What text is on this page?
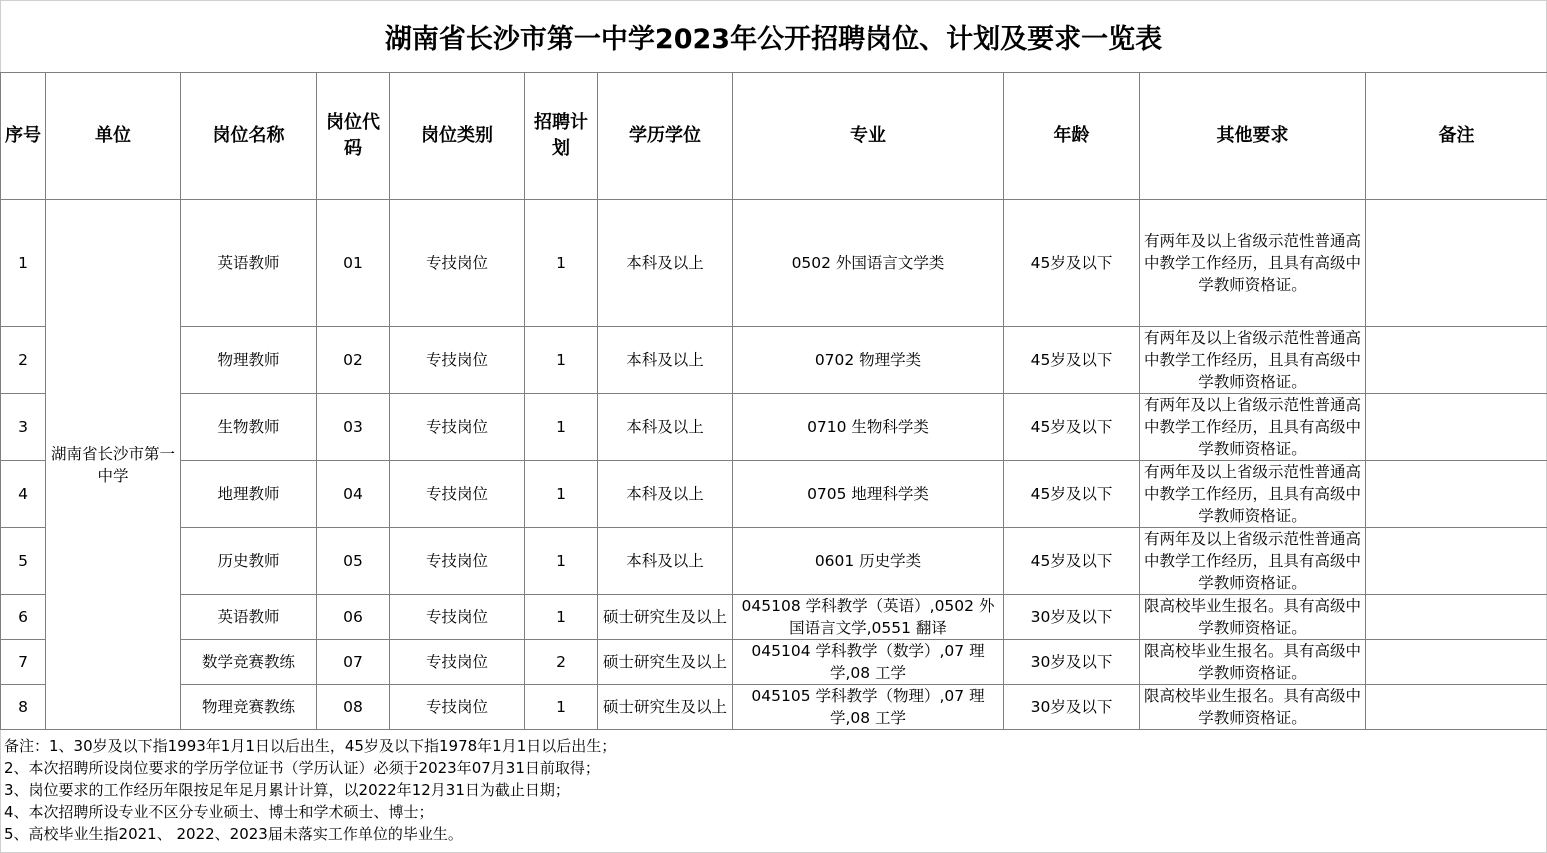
湖南省长沙市第一中学2023年公开招聘岗位、计划及要求一览表
序号	单位	岗位名称	岗位代码	岗位类别	招聘计划	学历学位	专业	年龄	其他要求	备注
1	湖南省长沙市第一中学	英语教师	01	专技岗位	1	本科及以上	0502 外国语言文学类	45岁及以下	有两年及以上省级示范性普通高中教学工作经历，且具有高级中学教师资格证。	
2		物理教师	02	专技岗位	1	本科及以上	0702 物理学类	45岁及以下	有两年及以上省级示范性普通高中教学工作经历，且具有高级中学教师资格证。	
3		生物教师	03	专技岗位	1	本科及以上	0710 生物科学类	45岁及以下	有两年及以上省级示范性普通高中教学工作经历，且具有高级中学教师资格证。	
4		地理教师	04	专技岗位	1	本科及以上	0705 地理科学类	45岁及以下	有两年及以上省级示范性普通高中教学工作经历，且具有高级中学教师资格证。	
5		历史教师	05	专技岗位	1	本科及以上	0601 历史学类	45岁及以下	有两年及以上省级示范性普通高中教学工作经历，且具有高级中学教师资格证。	
6		英语教师	06	专技岗位	1	硕士研究生及以上	045108 学科教学（英语）,0502 外国语言文学,0551 翻译	30岁及以下	限高校毕业生报名。具有高级中学教师资格证。	
7		数学竞赛教练	07	专技岗位	2	硕士研究生及以上	045104 学科教学（数学）,07 理学,08 工学	30岁及以下	限高校毕业生报名。具有高级中学教师资格证。	
8		物理竞赛教练	08	专技岗位	1	硕士研究生及以上	045105 学科教学（物理）,07 理学,08 工学	30岁及以下	限高校毕业生报名。具有高级中学教师资格证。	
备注：1、30岁及以下指1993年1月1日以后出生，45岁及以下指1978年1月1日以后出生；
2、本次招聘所设岗位要求的学历学位证书（学历认证）必须于2023年07月31日前取得；
3、岗位要求的工作经历年限按足年足月累计计算，以2022年12月31日为截止日期；
4、本次招聘所设专业不区分专业硕士、博士和学术硕士、博士；
5、高校毕业生指2021、 2022、2023届未落实工作单位的毕业生。
